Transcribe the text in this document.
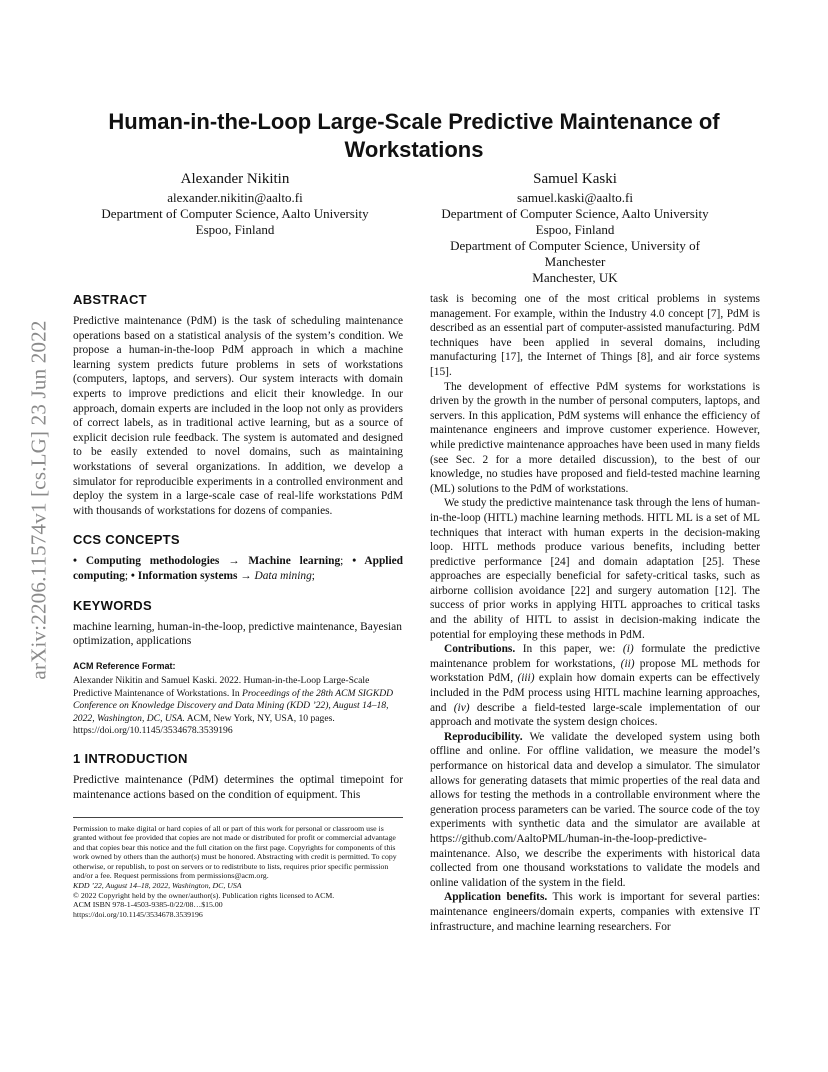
arXiv:2206.11574v1 [cs.LG] 23 Jun 2022
Human-in-the-Loop Large-Scale Predictive Maintenance of Workstations
Alexander Nikitin
alexander.nikitin@aalto.fi
Department of Computer Science, Aalto University
Espoo, Finland
Samuel Kaski
samuel.kaski@aalto.fi
Department of Computer Science, Aalto University
Espoo, Finland
Department of Computer Science, University of
Manchester
Manchester, UK
ABSTRACT

Predictive maintenance (PdM) is the task of scheduling maintenance operations based on a statistical analysis of the system’s condition. We propose a human-in-the-loop PdM approach in which a machine learning system predicts future problems in sets of workstations (computers, laptops, and servers). Our system interacts with domain experts to improve predictions and elicit their knowledge. In our approach, domain experts are included in the loop not only as providers of correct labels, as in traditional active learning, but as a source of explicit decision rule feedback. The system is automated and designed to be easily extended to novel domains, such as maintaining workstations of several organizations. In addition, we develop a simulator for reproducible experiments in a controlled environment and deploy the system in a large-scale case of real-life workstations PdM with thousands of workstations for dozens of companies.

CCS CONCEPTS

• Computing methodologies → Machine learning; • Applied computing; • Information systems → Data mining;

KEYWORDS

machine learning, human-in-the-loop, predictive maintenance, Bayesian optimization, applications

ACM Reference Format:

Alexander Nikitin and Samuel Kaski. 2022. Human-in-the-Loop Large-Scale Predictive Maintenance of Workstations. In Proceedings of the 28th ACM SIGKDD Conference on Knowledge Discovery and Data Mining (KDD ’22), August 14–18, 2022, Washington, DC, USA. ACM, New York, NY, USA, 10 pages. https://doi.org/10.1145/3534678.3539196

1 INTRODUCTION

Predictive maintenance (PdM) determines the optimal timepoint for maintenance actions based on the condition of equipment. This

Permission to make digital or hard copies of all or part of this work for personal or classroom use is granted without fee provided that copies are not made or distributed for profit or commercial advantage and that copies bear this notice and the full citation on the first page. Copyrights for components of this work owned by others than the author(s) must be honored. Abstracting with credit is permitted. To copy otherwise, or republish, to post on servers or to redistribute to lists, requires prior specific permission and/or a fee. Request permissions from permissions@acm.org.

KDD ’22, August 14–18, 2022, Washington, DC, USA

© 2022 Copyright held by the owner/author(s). Publication rights licensed to ACM.

ACM ISBN 978-1-4503-9385-0/22/08…$15.00

https://doi.org/10.1145/3534678.3539196

task is becoming one of the most critical problems in systems management. For example, within the Industry 4.0 concept [7], PdM is described as an essential part of computer-assisted manufacturing. PdM techniques have been applied in several domains, including manufacturing [17], the Internet of Things [8], and air force systems [15].

The development of effective PdM systems for workstations is driven by the growth in the number of personal computers, laptops, and servers. In this application, PdM systems will enhance the efficiency of maintenance engineers and improve customer experience. However, while predictive maintenance approaches have been used in many fields (see Sec. 2 for a more detailed discussion), to the best of our knowledge, no studies have proposed and field-tested machine learning (ML) solutions to the PdM of workstations.

We study the predictive maintenance task through the lens of human-in-the-loop (HITL) machine learning methods. HITL ML is a set of ML techniques that interact with human experts in the decision-making loop. HITL methods produce various benefits, including better predictive performance [24] and domain adaptation [25]. These approaches are especially beneficial for safety-critical tasks, such as airborne collision avoidance [22] and surgery automation [12]. The success of prior works in applying HITL approaches to critical tasks and the ability of HITL to assist in decision-making indicate the potential for employing these methods in PdM.

Contributions. In this paper, we: (i) formulate the predictive maintenance problem for workstations, (ii) propose ML methods for workstation PdM, (iii) explain how domain experts can be effectively included in the PdM process using HITL machine learning approaches, and (iv) describe a field-tested large-scale implementation of our approach and motivate the system design choices.

Reproducibility. We validate the developed system using both offline and online. For offline validation, we measure the model’s performance on historical data and develop a simulator. The simulator allows for generating datasets that mimic properties of the real data and allows for testing the methods in a controllable environment where the generation process parameters can be varied. The source code of the toy experiments with synthetic data and the simulator are available at https://github.com/AaltoPML/human-in-the-loop-predictive-maintenance. Also, we describe the experiments with historical data collected from one thousand workstations to validate the models and online validation of the system in the field.

Application benefits. This work is important for several parties: maintenance engineers/domain experts, companies with extensive IT infrastructure, and machine learning researchers. For
